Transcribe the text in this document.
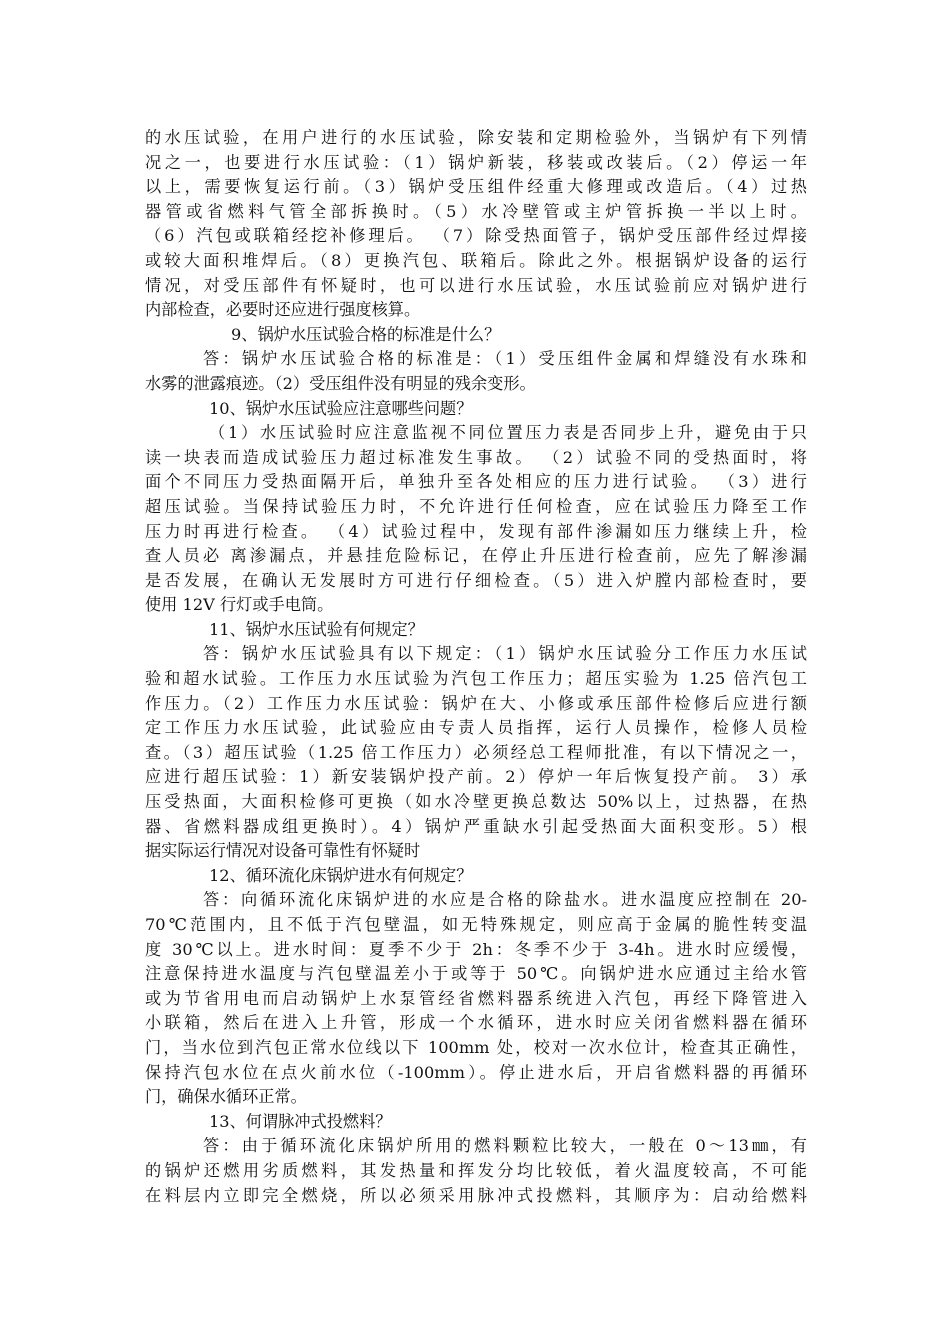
的水压试验，在用户进行的水压试验，除安装和定期检验外，当锅炉有下列情
况之一，也要进行水压试验：（1）锅炉新装，移装或改装后。（2）停运一年
以上，需要恢复运行前。（3）锅炉受压组件经重大修理或改造后。（4）过热
器管或省燃料气管全部拆换时。（5）水冷壁管或主炉管拆换一半以上时。
（6）汽包或联箱经挖补修理后。 （7）除受热面管子，锅炉受压部件经过焊接
或较大面积堆焊后。（8）更换汽包、联箱后。除此之外。根据锅炉设备的运行
情况，对受压部件有怀疑时，也可以进行水压试验，水压试验前应对锅炉进行
内部检查，必要时还应进行强度核算。
9、锅炉水压试验合格的标准是什么？
答：锅炉水压试验合格的标准是：（1）受压组件金属和焊缝没有水珠和
水雾的泄露痕迹。（2）受压组件没有明显的残余变形。
10、锅炉水压试验应注意哪些问题？
（1）水压试验时应注意监视不同位置压力表是否同步上升，避免由于只
读一块表而造成试验压力超过标准发生事故。 （2）试验不同的受热面时，将
面个不同压力受热面隔开后，单独升至各处相应的压力进行试验。 （3）进行
超压试验。当保持试验压力时，不允许进行任何检查，应在试验压力降至工作
压力时再进行检查。 （4）试验过程中，发现有部件渗漏如压力继续上升，检
查人员必 离渗漏点，并悬挂危险标记，在停止升压进行检查前，应先了解渗漏
是否发展，在确认无发展时方可进行仔细检查。（5）进入炉膛内部检查时，要
使用 12V 行灯或手电筒。
11、锅炉水压试验有何规定？
答：锅炉水压试验具有以下规定：（1）锅炉水压试验分工作压力水压试
验和超水试验。工作压力水压试验为汽包工作压力；超压实验为 1.25 倍汽包工
作压力。（2）工作压力水压试验：锅炉在大、小修或承压部件检修后应进行额
定工作压力水压试验，此试验应由专责人员指挥，运行人员操作，检修人员检
查。（3）超压试验（1.25 倍工作压力）必须经总工程师批准，有以下情况之一，
应进行超压试验：1）新安装锅炉投产前。2）停炉一年后恢复投产前。 3）承
压受热面，大面积检修可更换（如水冷壁更换总数达 50%以上，过热器，在热
器、省燃料器成组更换时）。4）锅炉严重缺水引起受热面大面积变形。5）根
据实际运行情况对设备可靠性有怀疑时
12、循环流化床锅炉进水有何规定？
答：向循环流化床锅炉进的水应是合格的除盐水。进水温度应控制在 20-
70℃范围内，且不低于汽包壁温，如无特殊规定，则应高于金属的脆性转变温
度 30℃以上。进水时间：夏季不少于 2h：冬季不少于 3-4h。进水时应缓慢，
注意保持进水温度与汽包壁温差小于或等于 50℃。向锅炉进水应通过主给水管
或为节省用电而启动锅炉上水泵管经省燃料器系统进入汽包，再经下降管进入
小联箱，然后在进入上升管，形成一个水循环，进水时应关闭省燃料器在循环
门，当水位到汽包正常水位线以下 100mm 处，校对一次水位计，检查其正确性，
保持汽包水位在点火前水位（-100mm）。停止进水后，开启省燃料器的再循环
门，确保水循环正常。
13、何谓脉冲式投燃料？
答：由于循环流化床锅炉所用的燃料颗粒比较大，一般在 0～13㎜，有
的锅炉还燃用劣质燃料，其发热量和挥发分均比较低，着火温度较高，不可能
在料层内立即完全燃烧，所以必须采用脉冲式投燃料，其顺序为：启动给燃料
